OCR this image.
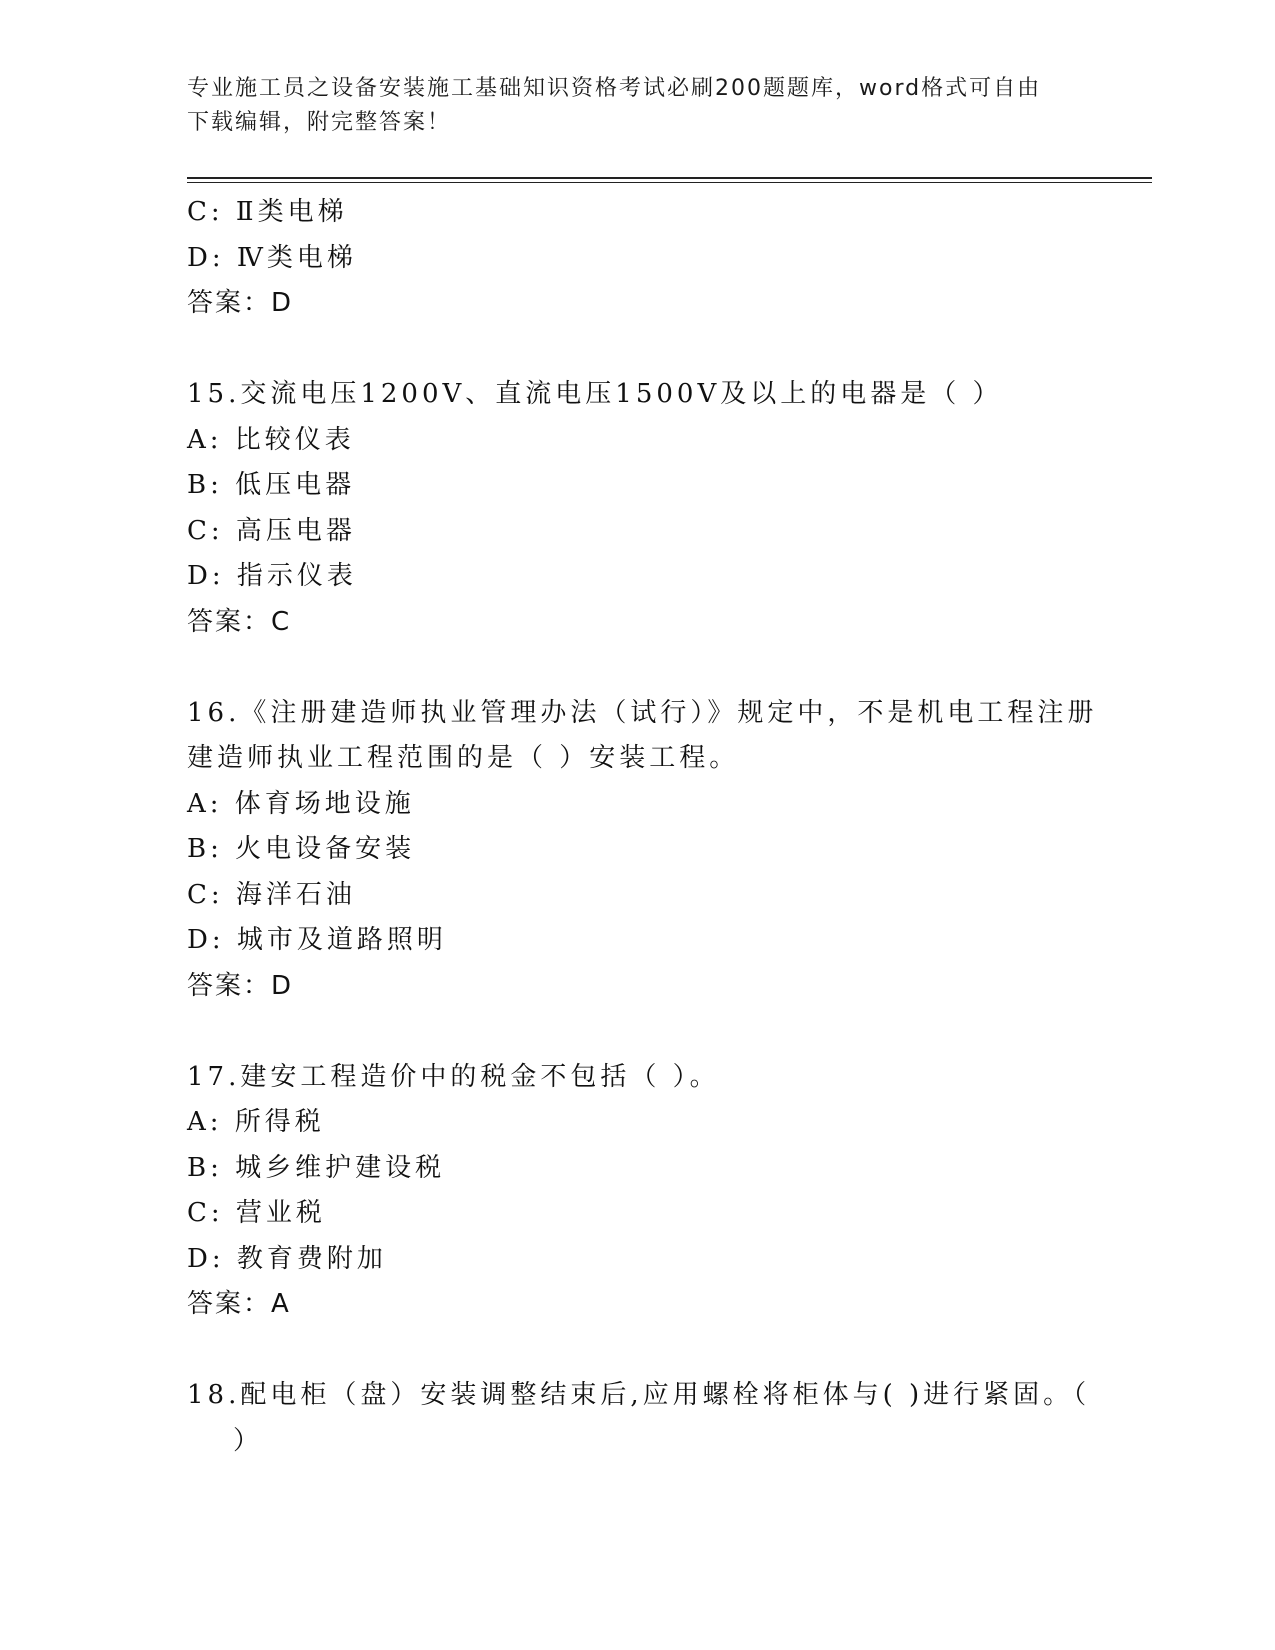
专业施工员之设备安装施工基础知识资格考试必刷200题题库，word格式可自由
下载编辑，附完整答案！
C: Ⅱ类电梯
D: Ⅳ类电梯
答案：D
15.交流电压1200V、直流电压1500V及以上的电器是（ ）
A: 比较仪表
B: 低压电器
C: 高压电器
D: 指示仪表
答案：C
16.《注册建造师执业管理办法（试行）》规定中，不是机电工程注册
建造师执业工程范围的是（ ）安装工程。
A: 体育场地设施
B: 火电设备安装
C: 海洋石油
D: 城市及道路照明
答案：D
17.建安工程造价中的税金不包括（ ）。
A: 所得税
B: 城乡维护建设税
C: 营业税
D: 教育费附加
答案：A
18.配电柜（盘）安装调整结束后,应用螺栓将柜体与( )进行紧固。（
）
